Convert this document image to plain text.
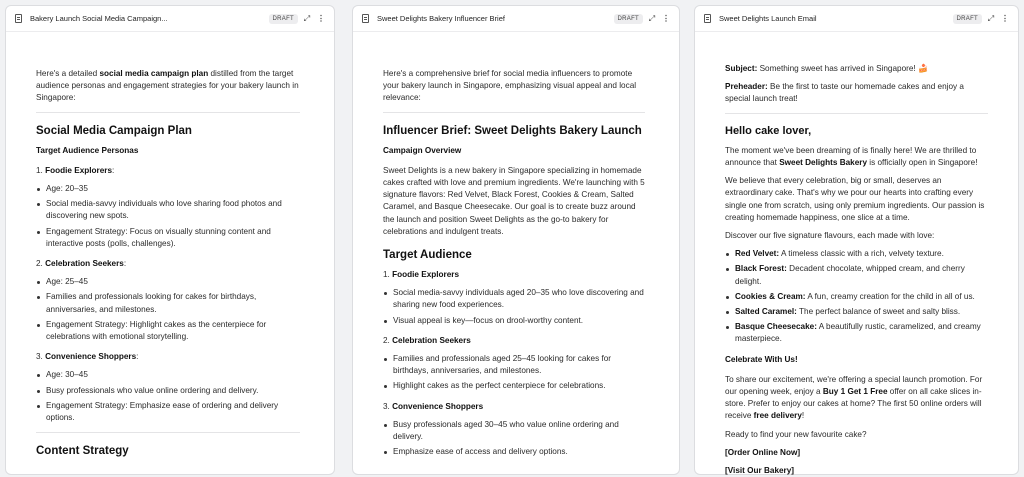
Bakery Launch Social Media Campaign...	DRAFT	⤢ ⋮

Here's a detailed social media campaign plan distilled from the target audience personas and engagement strategies for your bakery launch in Singapore:

Social Media Campaign Plan
Target Audience Personas

1. Foodie Explorers:

Age: 20–35
Social media-savvy individuals who love sharing food photos and discovering new spots.
Engagement Strategy: Focus on visually stunning content and interactive posts (polls, challenges).

2. Celebration Seekers:

Age: 25–45
Families and professionals looking for cakes for birthdays, anniversaries, and milestones.
Engagement Strategy: Highlight cakes as the centerpiece for celebrations with emotional storytelling.

3. Convenience Shoppers:

Age: 30–45
Busy professionals who value online ordering and delivery.
Engagement Strategy: Emphasize ease of ordering and delivery options.
Content Strategy
Sweet Delights Bakery Influencer Brief	DRAFT	⤢ ⋮

Here's a comprehensive brief for social media influencers to promote your bakery launch in Singapore, emphasizing visual appeal and local relevance:

Influencer Brief: Sweet Delights Bakery Launch
Campaign Overview

Sweet Delights is a new bakery in Singapore specializing in homemade cakes crafted with love and premium ingredients. We're launching with 5 signature flavors: Red Velvet, Black Forest, Cookies & Cream, Salted Caramel, and Basque Cheesecake. Our goal is to create buzz around the launch and position Sweet Delights as the go-to bakery for celebrations and indulgent treats.

Target Audience

1. Foodie Explorers

Social media-savvy individuals aged 20–35 who love discovering and sharing new food experiences.
Visual appeal is key—focus on drool-worthy content.

2. Celebration Seekers

Families and professionals aged 25–45 looking for cakes for birthdays, anniversaries, and milestones.
Highlight cakes as the perfect centerpiece for celebrations.

3. Convenience Shoppers

Busy professionals aged 30–45 who value online ordering and delivery.
Emphasize ease of access and delivery options.
Sweet Delights Launch Email	DRAFT	⤢ ⋮

Subject: Something sweet has arrived in Singapore! 🍰

Preheader: Be the first to taste our homemade cakes and enjoy a special launch treat!

Hello cake lover,

The moment we've been dreaming of is finally here! We are thrilled to announce that Sweet Delights Bakery is officially open in Singapore!

We believe that every celebration, big or small, deserves an extraordinary cake. That's why we pour our hearts into crafting every single one from scratch, using only premium ingredients. Our passion is creating homemade happiness, one slice at a time.

Discover our five signature flavours, each made with love:

Red Velvet: A timeless classic with a rich, velvety texture.
Black Forest: Decadent chocolate, whipped cream, and cherry delight.
Cookies & Cream: A fun, creamy creation for the child in all of us.
Salted Caramel: The perfect balance of sweet and salty bliss.
Basque Cheesecake: A beautifully rustic, caramelized, and creamy masterpiece.
Celebrate With Us!

To share our excitement, we're offering a special launch promotion. For our opening week, enjoy a Buy 1 Get 1 Free offer on all cake slices in-store. Prefer to enjoy our cakes at home? The first 50 online orders will receive free delivery!

Ready to find your new favourite cake?

[Order Online Now]

[Visit Our Bakery]
